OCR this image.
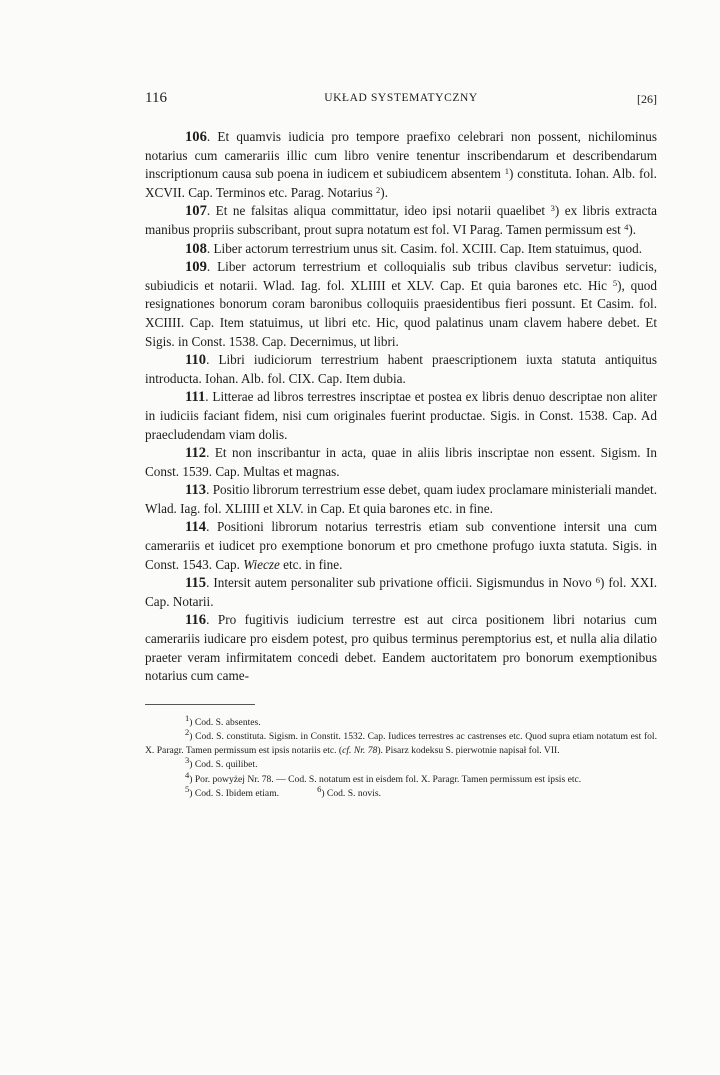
116	UKŁAD SYSTEMATYCZNY	[26]

106. Et quamvis iudicia pro tempore praefixo celebrari non possent, nichilominus notarius cum camerariis illic cum libro venire tenentur inscribendarum et describendarum inscriptionum causa sub poena in iudicem et subiudicem absentem $^1$) constituta. Iohan. Alb. fol. XCVII. Cap. Terminos etc. Parag. Notarius $^2$).

107. Et ne falsitas aliqua committatur, ideo ipsi notarii quaelibet $^3$) ex libris extracta manibus propriis subscribant, prout supra notatum est fol. VI Parag. Tamen permissum est $^4$).

108. Liber actorum terrestrium unus sit. Casim. fol. XCIII. Cap. Item statuimus, quod.

109. Liber actorum terrestrium et colloquialis sub tribus clavibus servetur: iudicis, subiudicis et notarii. Wlad. Iag. fol. XLIIII et XLV. Cap. Et quia barones etc. Hic $^5$), quod resignationes bonorum coram baronibus colloquiis praesidentibus fieri possunt. Et Casim. fol. XCIIII. Cap. Item statuimus, ut libri etc. Hic, quod palatinus unam clavem habere debet. Et Sigis. in Const. 1538. Cap. Decernimus, ut libri.

110. Libri iudiciorum terrestrium habent praescriptionem iuxta statuta antiquitus introducta. Iohan. Alb. fol. CIX. Cap. Item dubia.

111. Litterae ad libros terrestres inscriptae et postea ex libris denuo descriptae non aliter in iudiciis faciant fidem, nisi cum originales fuerint productae. Sigis. in Const. 1538. Cap. Ad praecludendam viam dolis.

112. Et non inscribantur in acta, quae in aliis libris inscriptae non essent. Sigism. In Const. 1539. Cap. Multas et magnas.

113. Positio librorum terrestrium esse debet, quam iudex proclamare ministeriali mandet. Wlad. Iag. fol. XLIIII et XLV. in Cap. Et quia barones etc. in fine.

114. Positioni librorum notarius terrestris etiam sub conventione intersit una cum camerariis et iudicet pro exemptione bonorum et pro cmethone profugo iuxta statuta. Sigis. in Const. 1543. Cap. Wiecze etc. in fine.

115. Intersit autem personaliter sub privatione officii. Sigismundus in Novo $^6$) fol. XXI. Cap. Notarii.

116. Pro fugitivis iudicium terrestre est aut circa positionem libri notarius cum camerariis iudicare pro eisdem potest, pro quibus terminus peremptorius est, et nulla alia dilatio praeter veram infirmitatem concedi debet. Eandem auctoritatem pro bonorum exemptionibus notarius cum came-

$^1$) Cod. S. absentes.

$^2$) Cod. S. constituta. Sigism. in Constit. 1532. Cap. Iudices terrestres ac castrenses etc. Quod supra etiam notatum est fol. X. Paragr. Tamen permissum est ipsis notariis etc. (cf. Nr. 78). Pisarz kodeksu S. pierwotnie napisał fol. VII.

$^3$) Cod. S. quilibet.

$^4$) Por. powyżej Nr. 78. — Cod. S. notatum est in eisdem fol. X. Paragr. Tamen permissum est ipsis etc.

$^5$) Cod. S. Ibidem etiam.	$^6$) Cod. S. novis.
